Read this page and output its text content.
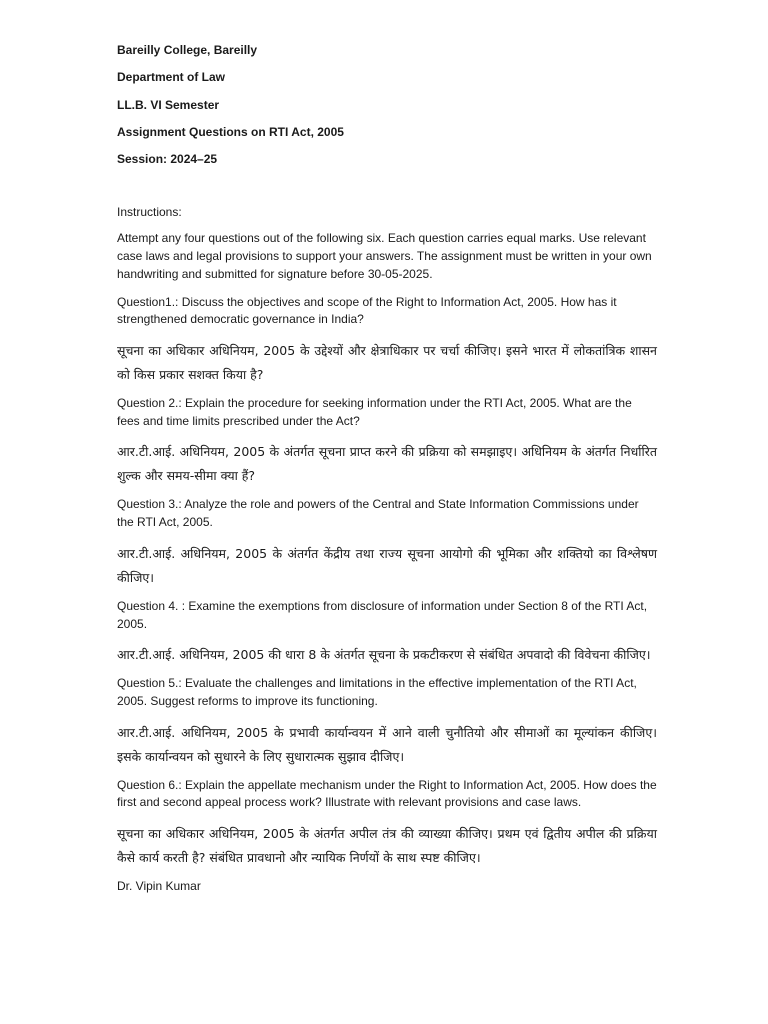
Bareilly College, Bareilly
Department of Law
LL.B. VI Semester
Assignment Questions on RTI Act, 2005
Session: 2024–25
Instructions:
Attempt any four questions out of the following six. Each question carries equal marks. Use relevant case laws and legal provisions to support your answers. The assignment must be written in your own handwriting and submitted for signature before 30-05-2025.
Question1.: Discuss the objectives and scope of the Right to Information Act, 2005. How has it strengthened democratic governance in India?
सूचना का अधिकार अधिनियम, 2005 के उद्देश्यों और क्षेत्राधिकार पर चर्चा कीजिए। इसने भारत में लोकतांत्रिक शासन को किस प्रकार सशक्त किया है?
Question 2.: Explain the procedure for seeking information under the RTI Act, 2005. What are the fees and time limits prescribed under the Act?
आर.टी.आई. अधिनियम, 2005 के अंतर्गत सूचना प्राप्त करने की प्रक्रिया को समझाइए। अधिनियम के अंतर्गत निर्धारित शुल्क और समय-सीमा क्या हैं?
Question 3.: Analyze the role and powers of the Central and State Information Commissions under the RTI Act, 2005.
आर.टी.आई. अधिनियम, 2005 के अंतर्गत केंद्रीय तथा राज्य सूचना आयोगो की भूमिका और शक्तियो का विश्लेषण कीजिए।
Question 4. : Examine the exemptions from disclosure of information under Section 8 of the RTI Act, 2005.
आर.टी.आई. अधिनियम, 2005 की धारा 8 के अंतर्गत सूचना के प्रकटीकरण से संबंधित अपवादो की विवेचना कीजिए।
Question 5.: Evaluate the challenges and limitations in the effective implementation of the RTI Act, 2005. Suggest reforms to improve its functioning.
आर.टी.आई. अधिनियम, 2005 के प्रभावी कार्यान्वयन में आने वाली चुनौतियो और सीमाओं का मूल्यांकन कीजिए। इसके कार्यान्वयन को सुधारने के लिए सुधारात्मक सुझाव दीजिए।
Question 6.: Explain the appellate mechanism under the Right to Information Act, 2005. How does the first and second appeal process work? Illustrate with relevant provisions and case laws.
सूचना का अधिकार अधिनियम, 2005 के अंतर्गत अपील तंत्र की व्याख्या कीजिए। प्रथम एवं द्वितीय अपील की प्रक्रिया कैसे कार्य करती है? संबंधित प्रावधानो और न्यायिक निर्णयों के साथ स्पष्ट कीजिए।
Dr. Vipin Kumar
